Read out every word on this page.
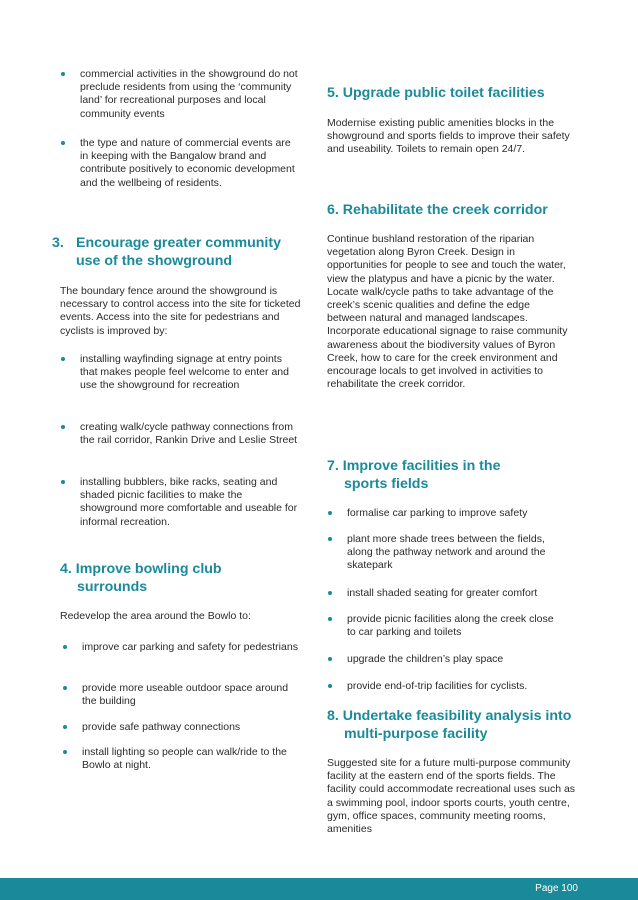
commercial activities in the showground do not preclude residents from using the ‘community land’ for recreational purposes and local community events
the type and nature of commercial events are in keeping with the Bangalow brand and contribute positively to economic development and the wellbeing of residents.
3. Encourage greater community use of the showground

The boundary fence around the showground is necessary to control access into the site for ticketed events. Access into the site for pedestrians and cyclists is improved by:

installing wayfinding signage at entry points that makes people feel welcome to enter and use the showground for recreation
creating walk/cycle pathway connections from the rail corridor, Rankin Drive and Leslie Street
installing bubblers, bike racks, seating and shaded picnic facilities to make the showground more comfortable and useable for informal recreation.
4. Improve bowling club surrounds

Redevelop the area around the Bowlo to:

improve car parking and safety for pedestrians
provide more useable outdoor space around the building
provide safe pathway connections
install lighting so people can walk/ride to the Bowlo at night.
5. Upgrade public toilet facilities

Modernise existing public amenities blocks in the showground and sports fields to improve their safety and useability. Toilets to remain open 24/7.

6. Rehabilitate the creek corridor

Continue bushland restoration of the riparian vegetation along Byron Creek. Design in opportunities for people to see and touch the water, view the platypus and have a picnic by the water. Locate walk/cycle paths to take advantage of the creek’s scenic qualities and define the edge between natural and managed landscapes. Incorporate educational signage to raise community awareness about the biodiversity values of Byron Creek, how to care for the creek environment and encourage locals to get involved in activities to rehabilitate the creek corridor.

7. Improve facilities in the sports fields
formalise car parking to improve safety
plant more shade trees between the fields, along the pathway network and around the skatepark
install shaded seating for greater comfort
provide picnic facilities along the creek close to car parking and toilets
upgrade the children’s play space
provide end-of-trip facilities for cyclists.
8. Undertake feasibility analysis into multi-purpose facility

Suggested site for a future multi-purpose community facility at the eastern end of the sports fields. The facility could accommodate recreational uses such as a swimming pool, indoor sports courts, youth centre, gym, office spaces, community meeting rooms, amenities

Page 100
